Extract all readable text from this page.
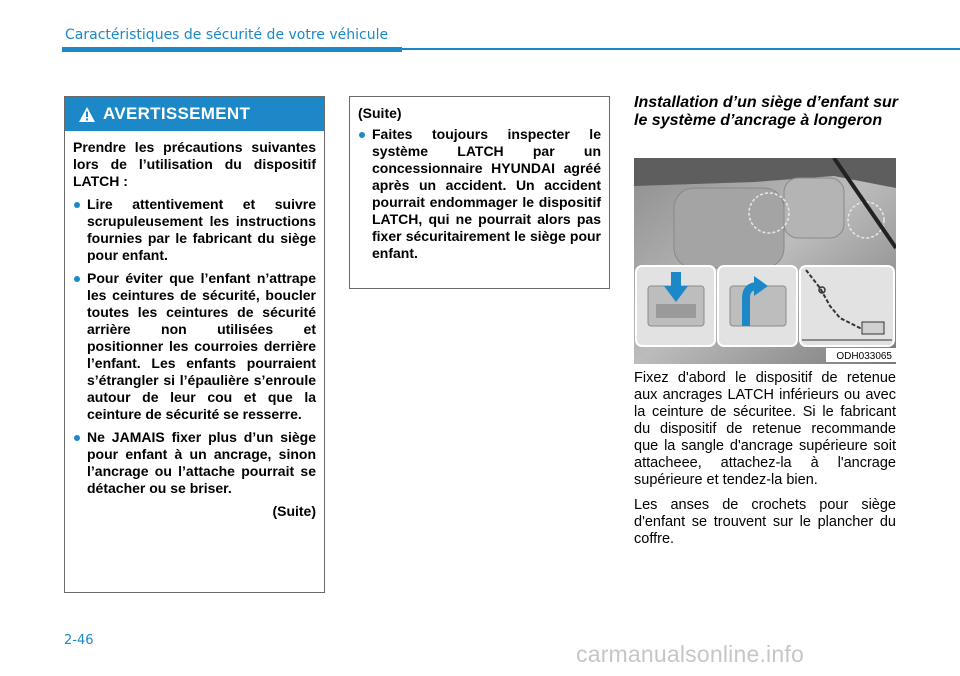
Caractéristiques de sécurité de votre véhicule
AVERTISSEMENT

Prendre les précautions suivantes lors de l’utilisation du dispositif LATCH :

Lire attentivement et suivre scrupuleusement les instructions fournies par le fabricant du siège pour enfant.
Pour éviter que l’enfant n’attrape les ceintures de sécurité, boucler toutes les ceintures de sécurité arrière non utilisées et positionner les courroies derrière l’enfant. Les enfants pourraient s’étrangler si l’épaulière s’enroule autour de leur cou et que la ceinture de sécurité se resserre.
Ne JAMAIS fixer plus d’un siège pour enfant à un ancrage, sinon l’ancrage ou l’attache pourrait se détacher ou se briser.
(Suite)

(Suite)

Faites toujours inspecter le système LATCH par un concessionnaire HYUNDAI agréé après un accident. Un accident pourrait endommager le dispositif LATCH, qui ne pourrait alors pas fixer sécuritairement le siège pour enfant.
Installation d’un siège d’enfant sur le système d’ancrage à longeron
ODH033065

Fixez d'abord le dispositif de retenue aux ancrages LATCH inférieurs ou avec la ceinture de sécuritee. Si le fabricant du dispositif de retenue recommande que la sangle d'ancrage supérieure soit attacheee, attachez-la à l'ancrage supérieure et tendez-la bien.

Les anses de crochets pour siège d'enfant se trouvent sur le plancher du coffre.

2-46
carmanualsonline.info
